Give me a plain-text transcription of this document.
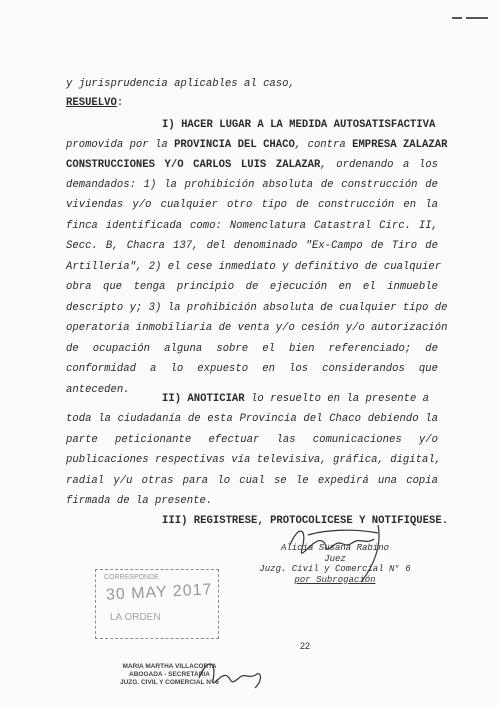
y jurisprudencia aplicables al caso,
RESUELVO:
I) HACER LUGAR A LA MEDIDA AUTOSATISFACTIVA
promovida por la PROVINCIA DEL CHACO, contra EMPRESA ZALAZAR
CONSTRUCCIONES Y/O CARLOS LUIS ZALAZAR, ordenando a los
demandados: 1) la prohibición absoluta de construcción de
viviendas y/o cualquier otro tipo de construcción en la
finca identificada como: Nomenclatura Catastral Circ. II,
Secc. B, Chacra 137, del denominado "Ex-Campo de Tiro de
Artillería", 2) el cese inmediato y definitivo de cualquier
obra que tenga principio de ejecución en el inmueble
descripto y; 3) la prohibición absoluta de cualquier tipo de
operatoria inmobiliaria de venta y/o cesión y/o autorización
de ocupación alguna sobre el bien referenciado; de
conformidad a lo expuesto en los considerandos que
anteceden.
II) ANOTICIAR lo resuelto en la presente a
toda la ciudadanía de esta Provincia del Chaco debiendo la
parte peticionante efectuar las comunicaciones y/o
publicaciones respectivas vía televisiva, gráfica, digital,
radial y/u otras para lo cual se le expedirá una copia
firmada de la presente.
III) REGISTRESE, PROTOCOLICESE Y NOTIFIQUESE.
Alicia Susana Rabino
Juez
Juzg. Civil y Comercial N° 6
por Subrogación
CORRESPONDE
30 MAY 2017
LA ORDEN
22
MARIA MARTHA VILLACORTA
ABOGADA - SECRETARIA
JUZG. CIVIL Y COMERCIAL N° 6
